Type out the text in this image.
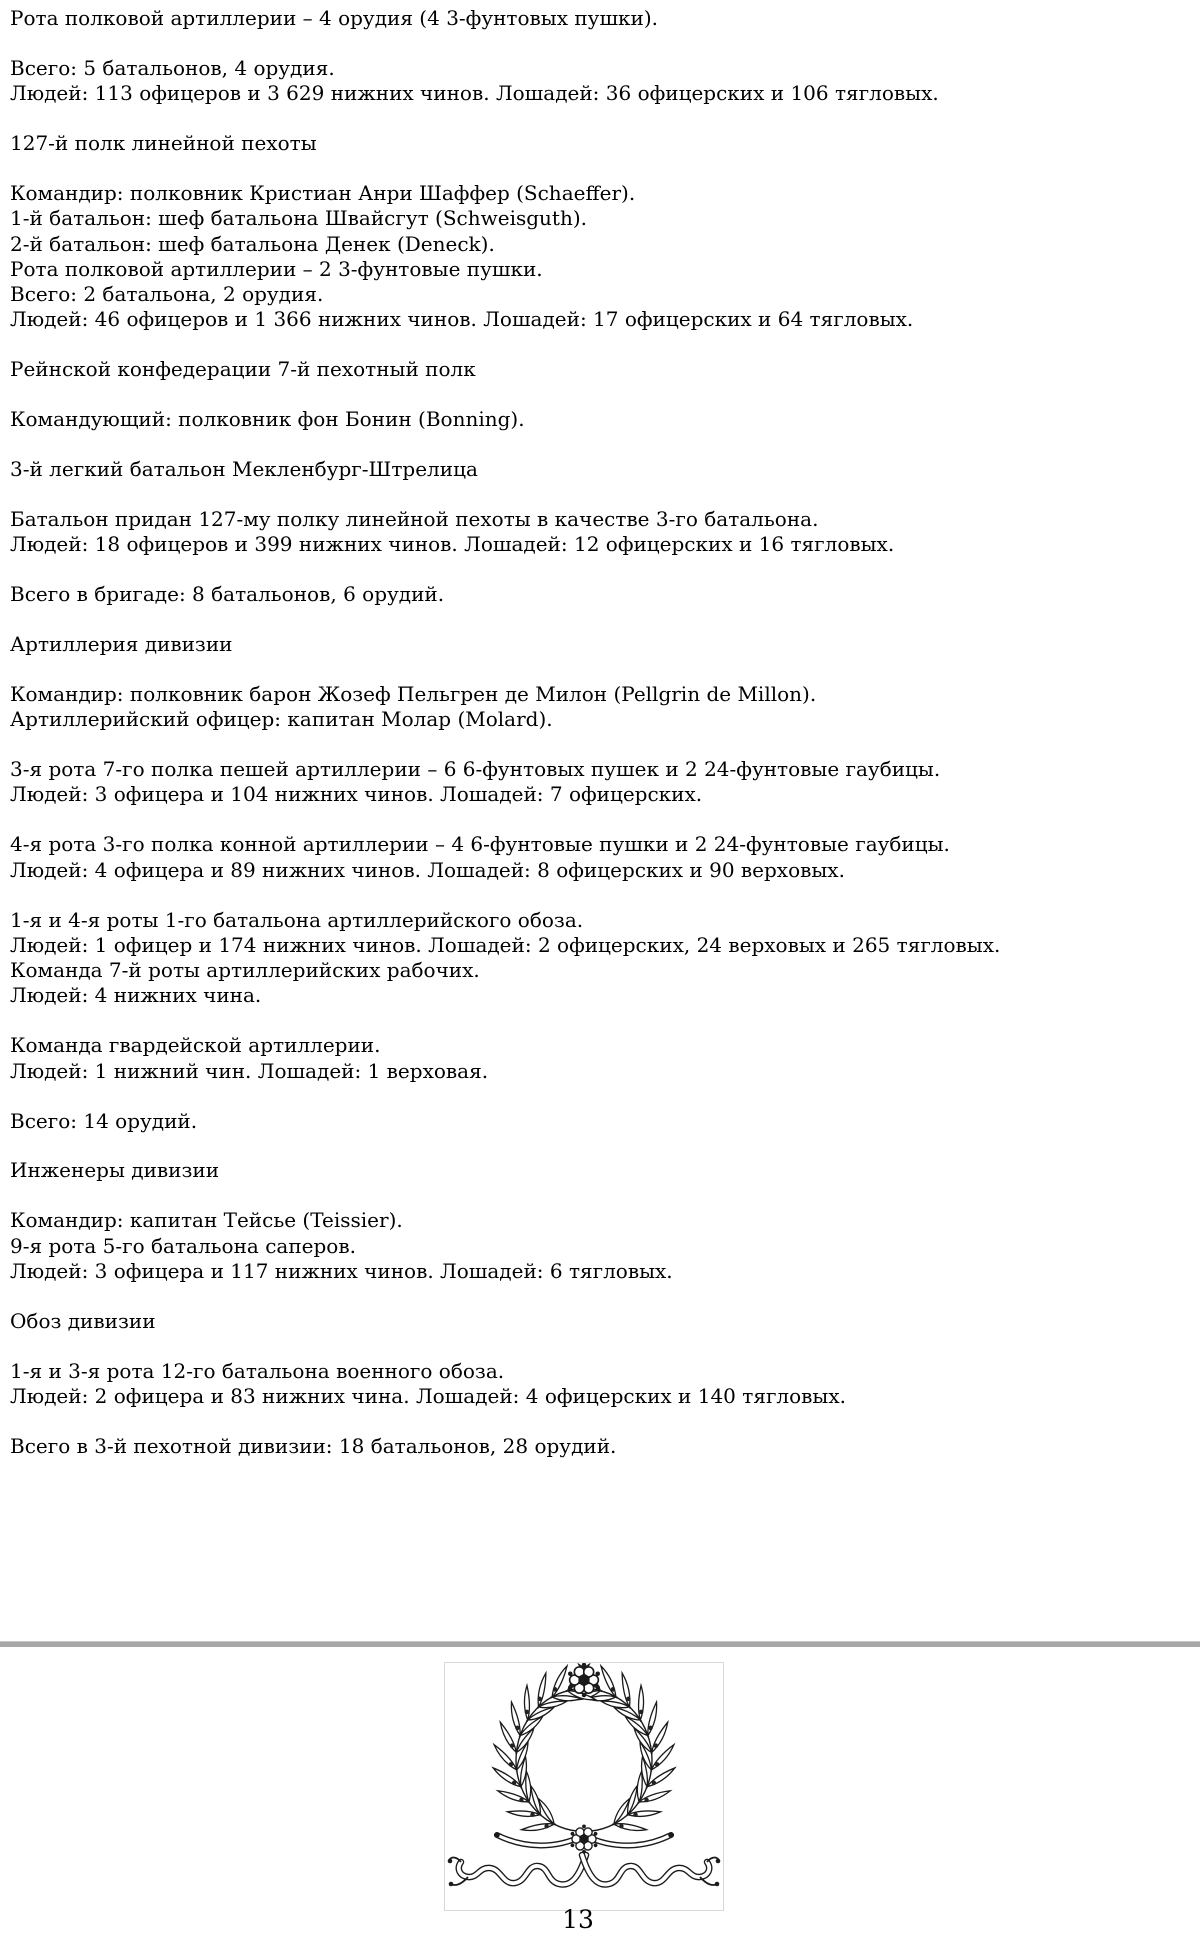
Рота полковой артиллерии – 4 орудия (4 3-фунтовых пушки).

Всего: 5 батальонов, 4 орудия.
Людей: 113 офицеров и 3 629 нижних чинов. Лошадей: 36 офицерских и 106 тягловых.

127-й полк линейной пехоты

Командир: полковник Кристиан Анри Шаффер (Schaeffer).
1-й батальон: шеф батальона Швайсгут (Schweisguth).
2-й батальон: шеф батальона Денек (Deneck).
Рота полковой артиллерии – 2 3-фунтовые пушки.
Всего: 2 батальона, 2 орудия.
Людей: 46 офицеров и 1 366 нижних чинов. Лошадей: 17 офицерских и 64 тягловых.

Рейнской конфедерации 7-й пехотный полк

Командующий: полковник фон Бонин (Bonning).

3-й легкий батальон Мекленбург-Штрелица

Батальон придан 127-му полку линейной пехоты в качестве 3-го батальона.
Людей: 18 офицеров и 399 нижних чинов. Лошадей: 12 офицерских и 16 тягловых.

Всего в бригаде: 8 батальонов, 6 орудий.

Артиллерия дивизии

Командир: полковник барон Жозеф Пельгрен де Милон (Pellgrin de Millon).
Артиллерийский офицер: капитан Молар (Molard).

3-я рота 7-го полка пешей артиллерии – 6 6-фунтовых пушек и 2 24-фунтовые гаубицы.
Людей: 3 офицера и 104 нижних чинов. Лошадей: 7 офицерских.

4-я рота 3-го полка конной артиллерии – 4 6-фунтовые пушки и 2 24-фунтовые гаубицы.
Людей: 4 офицера и 89 нижних чинов. Лошадей: 8 офицерских и 90 верховых.

1-я и 4-я роты 1-го батальона артиллерийского обоза.
Людей: 1 офицер и 174 нижних чинов. Лошадей: 2 офицерских, 24 верховых и 265 тягловых.
Команда 7-й роты артиллерийских рабочих.
Людей: 4 нижних чина.

Команда гвардейской артиллерии.
Людей: 1 нижний чин. Лошадей: 1 верховая.

Всего: 14 орудий.

Инженеры дивизии

Командир: капитан Тейсье (Teissier).
9-я рота 5-го батальона саперов.
Людей: 3 офицера и 117 нижних чинов. Лошадей: 6 тягловых.

Обоз дивизии

1-я и 3-я рота 12-го батальона военного обоза.
Людей: 2 офицера и 83 нижних чина. Лошадей: 4 офицерских и 140 тягловых.

Всего в 3-й пехотной дивизии: 18 батальонов, 28 орудий.

13
